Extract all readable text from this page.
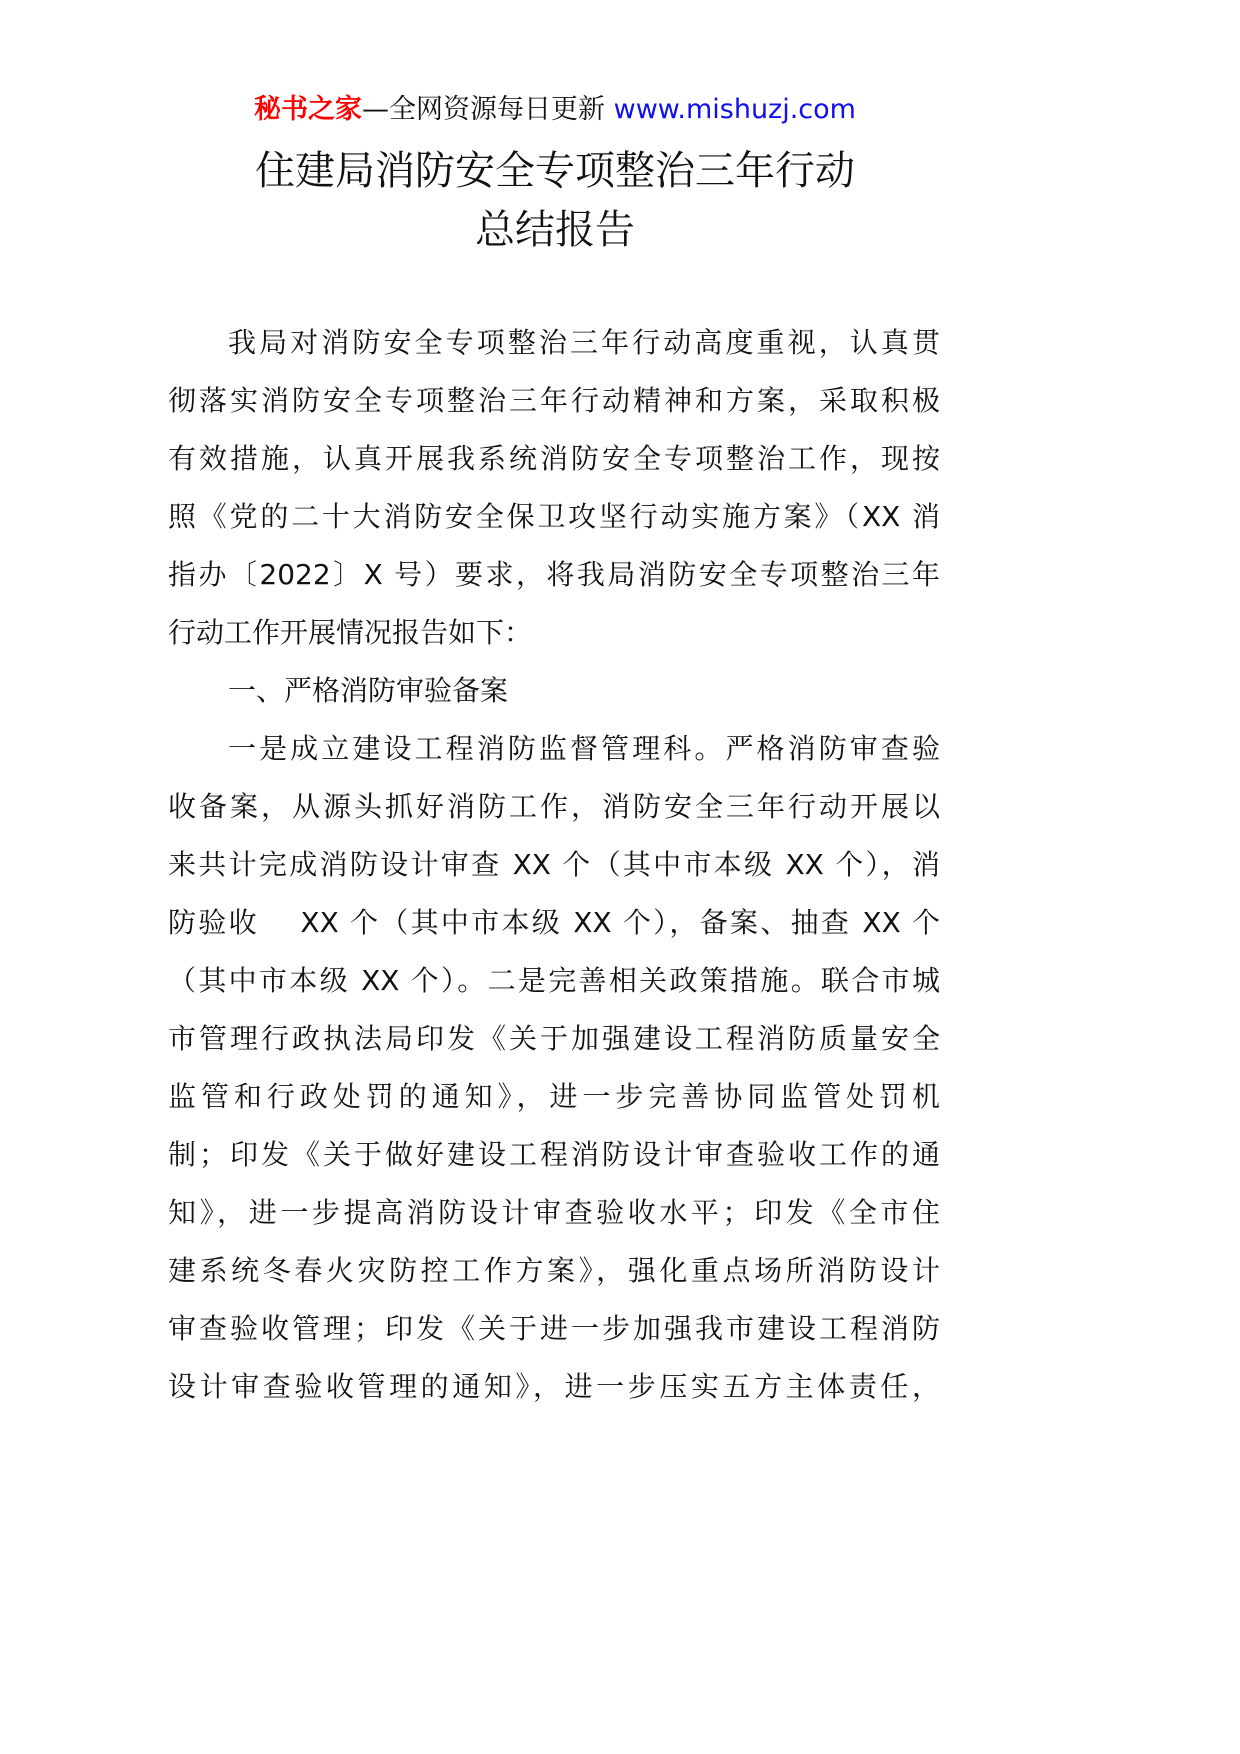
秘书之家—全网资源每日更新 www.mishuzj.com
住建局消防安全专项整治三年行动
总结报告
我局对消防安全专项整治三年行动高度重视，认真贯
彻落实消防安全专项整治三年行动精神和方案，采取积极
有效措施，认真开展我系统消防安全专项整治工作，现按
照《党的二十大消防安全保卫攻坚行动实施方案》（XX 消
指办〔2022〕X 号）要求，将我局消防安全专项整治三年
行动工作开展情况报告如下：
一、严格消防审验备案
一是成立建设工程消防监督管理科。严格消防审查验
收备案，从源头抓好消防工作，消防安全三年行动开展以
来共计完成消防设计审查 XX 个（其中市本级 XX 个），消
防验收　 XX 个（其中市本级 XX 个），备案、抽查 XX 个
（其中市本级 XX 个）。二是完善相关政策措施。联合市城
市管理行政执法局印发《关于加强建设工程消防质量安全
监管和行政处罚的通知》，进一步完善协同监管处罚机
制；印发《关于做好建设工程消防设计审查验收工作的通
知》，进一步提高消防设计审查验收水平；印发《全市住
建系统冬春火灾防控工作方案》，强化重点场所消防设计
审查验收管理；印发《关于进一步加强我市建设工程消防
设计审查验收管理的通知》，进一步压实五方主体责任，
